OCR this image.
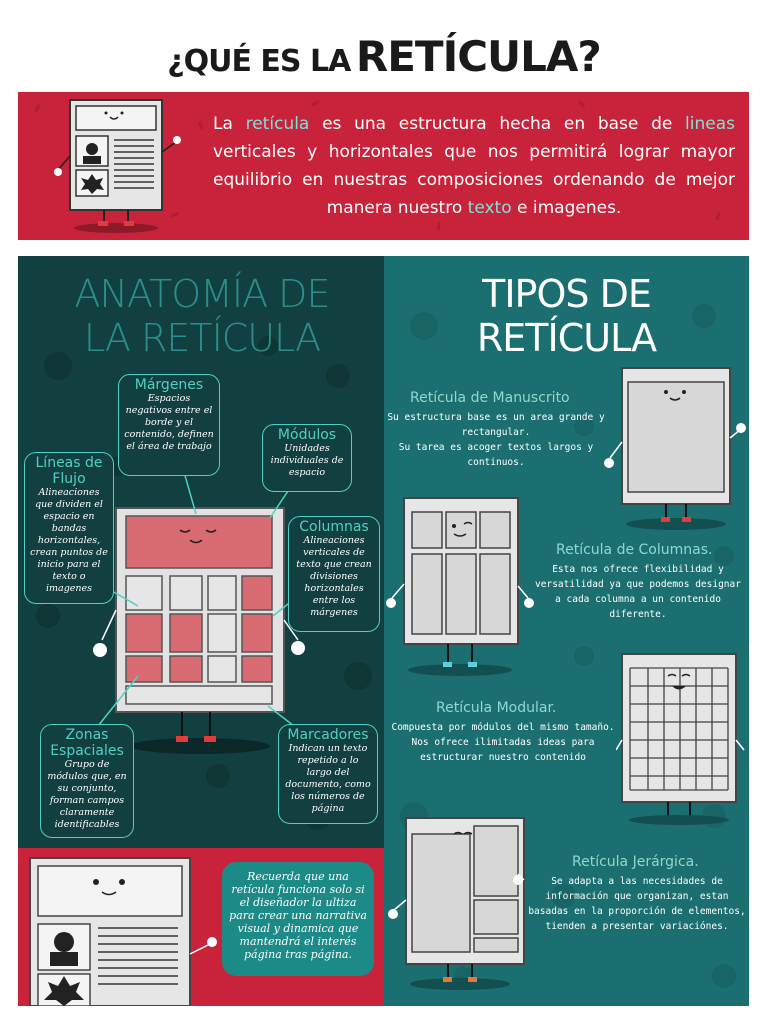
¿QUÉ ES LA RETÍCULA?
La retícula es una estructura hecha en base de lineas verticales y horizontales que nos permitirá lograr mayor equilibrio en nuestras composiciones ordenando de mejor manera nuestro texto e imagenes.
ANATOMÍA DE
LA RETÍCULA
TIPOS DE
RETÍCULA
Márgenes
Espacios negativos entre el borde y el contenido, definen el área de trabajo
Módulos
Unidades individuales de espacio
Líneas de Flujo
Alineaciones que dividen el espacio en bandas horizontales, crean puntos de inicio para el texto o imagenes
Columnas
Alineaciones verticales de texto que crean divisiones horizontales entre los márgenes
Zonas Espaciales
Grupo de módulos que, en su conjunto, forman campos claramente identificables
Marcadores
Indican un texto repetido a lo largo del documento, como los números de página
Retícula de Manuscrito
Su estructura base es un area grande y rectangular.
Su tarea es acoger textos largos y continuos.
Retícula de Columnas.
Esta nos ofrece flexibilidad y versatilidad ya que podemos designar a cada columna a un contenido diferente.
Retícula Modular.
Compuesta por módulos del mismo tamaño. Nos ofrece ilimitadas ideas para estructurar nuestro contenido
Retícula Jerárgica.
Se adapta a las necesidades de información que organizan, estan basadas en la proporción de elementos, tienden a presentar variaciónes.
Recuerda que una retícula funciona solo si el diseñador la ultiza para crear una narrativa visual y dinamica que mantendrá el interés página tras página.
